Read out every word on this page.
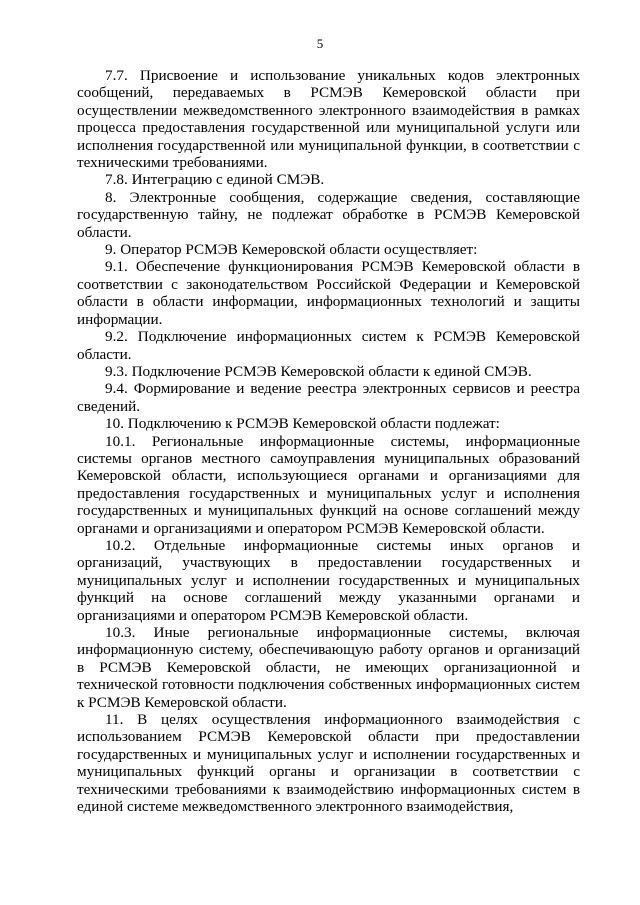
5

7.7. Присвоение и использование уникальных кодов электронных сообщений, передаваемых в РСМЭВ Кемеровской области при осуществлении межведомственного электронного взаимодействия в рамках процесса предоставления государственной или муниципальной услуги или исполнения государственной или муниципальной функции, в соответствии с техническими требованиями.

7.8. Интеграцию с единой СМЭВ.

8. Электронные сообщения, содержащие сведения, составляющие государственную тайну, не подлежат обработке в РСМЭВ Кемеровской области.

9. Оператор РСМЭВ Кемеровской области осуществляет:

9.1. Обеспечение функционирования РСМЭВ Кемеровской области в соответствии с законодательством Российской Федерации и Кемеровской области в области информации, информационных технологий и защиты информации.

9.2. Подключение информационных систем к РСМЭВ Кемеровской области.

9.3. Подключение РСМЭВ Кемеровской области к единой СМЭВ.

9.4. Формирование и ведение реестра электронных сервисов и реестра сведений.

10. Подключению к РСМЭВ Кемеровской области подлежат:

10.1. Региональные информационные системы, информационные системы органов местного самоуправления муниципальных образований Кемеровской области, использующиеся органами и организациями для предоставления государственных и муниципальных услуг и исполнения государственных и муниципальных функций на основе соглашений между органами и организациями и оператором РСМЭВ Кемеровской области.

10.2. Отдельные информационные системы иных органов и организаций, участвующих в предоставлении государственных и муниципальных услуг и исполнении государственных и муниципальных функций на основе соглашений между указанными органами и организациями и оператором РСМЭВ Кемеровской области.

10.3. Иные региональные информационные системы, включая информационную систему, обеспечивающую работу органов и организаций в РСМЭВ Кемеровской области, не имеющих организационной и технической готовности подключения собственных информационных систем к РСМЭВ Кемеровской области.

11. В целях осуществления информационного взаимодействия с использованием РСМЭВ Кемеровской области при предоставлении государственных и муниципальных услуг и исполнении государственных и муниципальных функций органы и организации в соответствии с техническими требованиями к взаимодействию информационных систем в единой системе межведомственного электронного взаимодействия,
